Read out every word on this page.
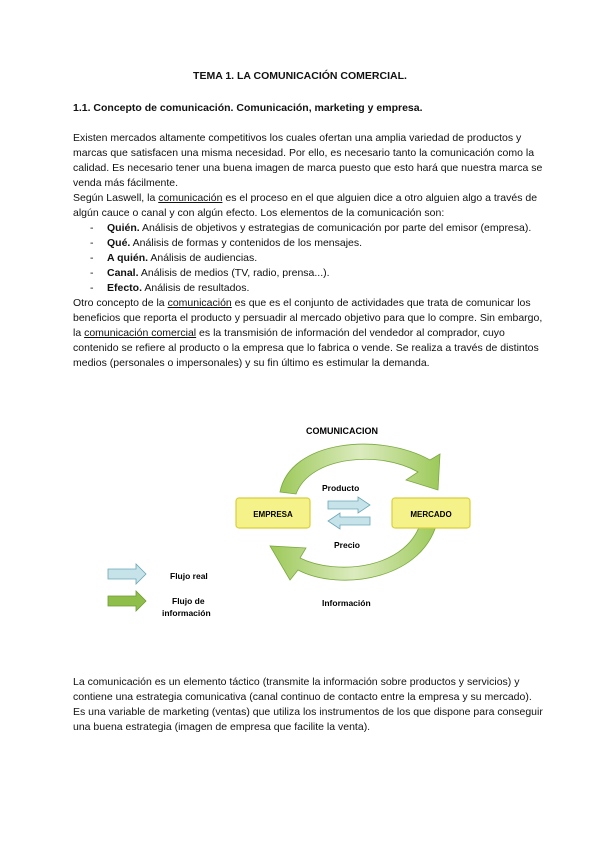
TEMA 1. LA COMUNICACIÓN COMERCIAL.
1.1. Concepto de comunicación. Comunicación, marketing y empresa.
Existen mercados altamente competitivos los cuales ofertan una amplia variedad de productos y marcas que satisfacen una misma necesidad. Por ello, es necesario tanto la comunicación como la calidad. Es necesario tener una buena imagen de marca puesto que esto hará que nuestra marca se venda más fácilmente.
Según Laswell, la comunicación es el proceso en el que alguien dice a otro alguien algo a través de algún cauce o canal y con algún efecto. Los elementos de la comunicación son:
- Quién. Análisis de objetivos y estrategias de comunicación por parte del emisor (empresa).
- Qué. Análisis de formas y contenidos de los mensajes.
- A quién. Análisis de audiencias.
- Canal. Análisis de medios (TV, radio, prensa...).
- Efecto. Análisis de resultados.
Otro concepto de la comunicación es que es el conjunto de actividades que trata de comunicar los beneficios que reporta el producto y persuadir al mercado objetivo para que lo compre. Sin embargo, la comunicación comercial es la transmisión de información del vendedor al comprador, cuyo contenido se refiere al producto o la empresa que lo fabrica o vende. Se realiza a través de distintos medios (personales o impersonales) y su fin último es estimular la demanda.
COMUNICACION
EMPRESA	MERCADO
Producto
Precio
Información
Flujo real
Flujo de
información
La comunicación es un elemento táctico (transmite la información sobre productos y servicios) y contiene una estrategia comunicativa (canal continuo de contacto entre la empresa y su mercado). Es una variable de marketing (ventas) que utiliza los instrumentos de los que dispone para conseguir una buena estrategia (imagen de empresa que facilite la venta).
